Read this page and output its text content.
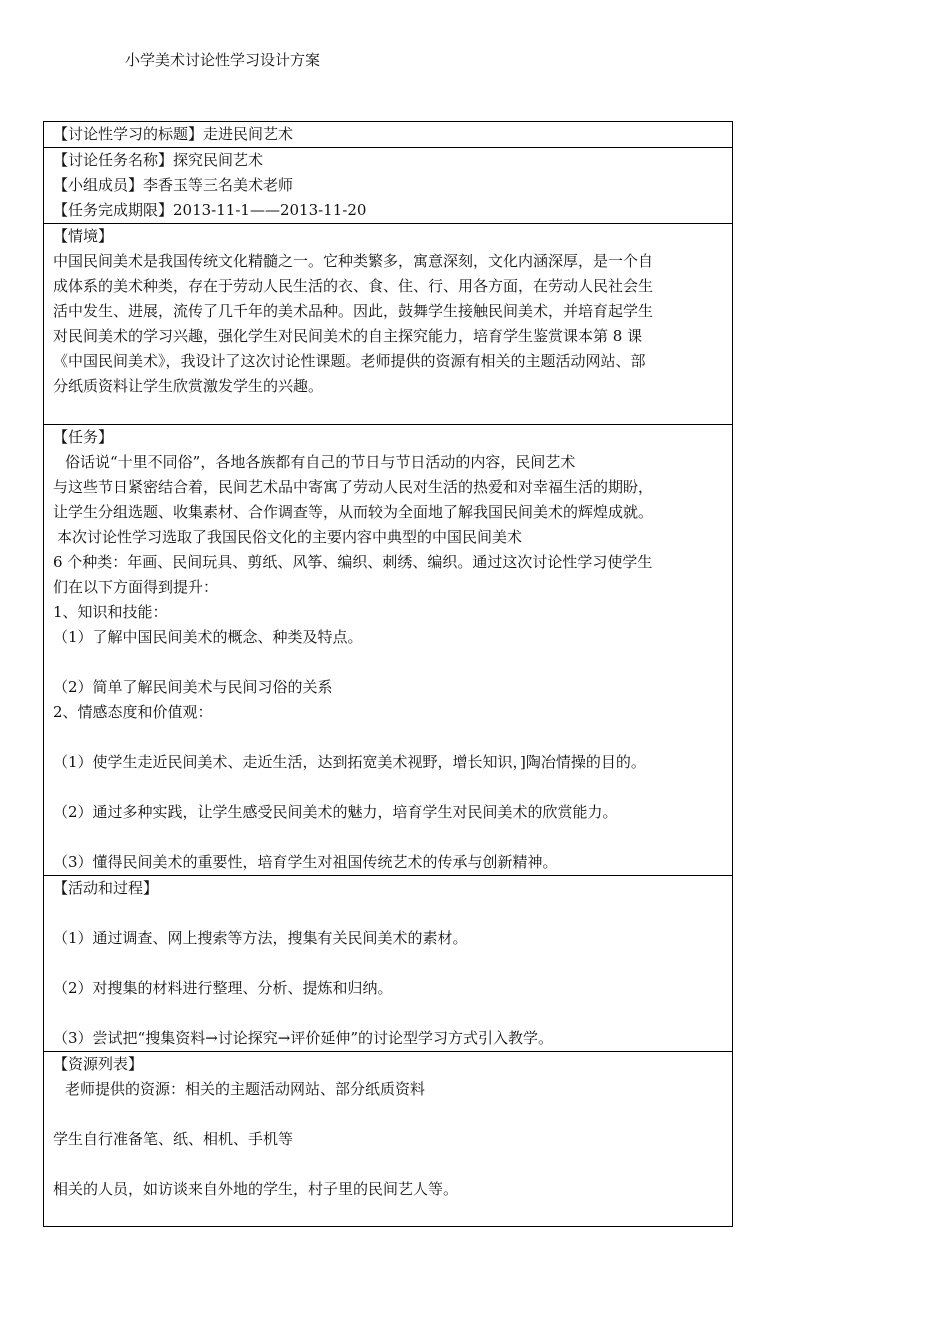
小学美术讨论性学习设计方案
【讨论性学习的标题】走进民间艺术
【讨论任务名称】探究民间艺术
【小组成员】李香玉等三名美术老师
【任务完成期限】2013-11-1——2013-11-20
【情境】
中国民间美术是我国传统文化精髓之一。它种类繁多，寓意深刻，文化内涵深厚，是一个自
成体系的美术种类，存在于劳动人民生活的衣、食、住、行、用各方面，在劳动人民社会生
活中发生、进展，流传了几千年的美术品种。因此，鼓舞学生接触民间美术，并培育起学生
对民间美术的学习兴趣，强化学生对民间美术的自主探究能力，培育学生鉴赏课本第 8 课
《中国民间美术》，我设计了这次讨论性课题。老师提供的资源有相关的主题活动网站、部
分纸质资料让学生欣赏激发学生的兴趣。
【任务】
俗话说“十里不同俗”，各地各族都有自己的节日与节日活动的内容，民间艺术
与这些节日紧密结合着，民间艺术品中寄寓了劳动人民对生活的热爱和对幸福生活的期盼，
让学生分组选题、收集素材、合作调查等，从而较为全面地了解我国民间美术的辉煌成就。
本次讨论性学习选取了我国民俗文化的主要内容中典型的中国民间美术
6 个种类：年画、民间玩具、剪纸、风筝、编织、刺绣、编织。通过这次讨论性学习使学生
们在以下方面得到提升：
1、知识和技能：
（1）了解中国民间美术的概念、种类及特点。
（2）简单了解民间美术与民间习俗的关系
2、情感态度和价值观：
（1）使学生走近民间美术、走近生活，达到拓宽美术视野，增长知识，]陶冶情操的目的。
（2）通过多种实践，让学生感受民间美术的魅力，培育学生对民间美术的欣赏能力。
（3）懂得民间美术的重要性，培育学生对祖国传统艺术的传承与创新精神。
【活动和过程】
（1）通过调查、网上搜索等方法，搜集有关民间美术的素材。
（2）对搜集的材料进行整理、分析、提炼和归纳。
（3）尝试把“搜集资料→讨论探究→评价延伸”的讨论型学习方式引入教学。
【资源列表】
老师提供的资源：相关的主题活动网站、部分纸质资料
学生自行准备笔、纸、相机、手机等
相关的人员，如访谈来自外地的学生，村子里的民间艺人等。
